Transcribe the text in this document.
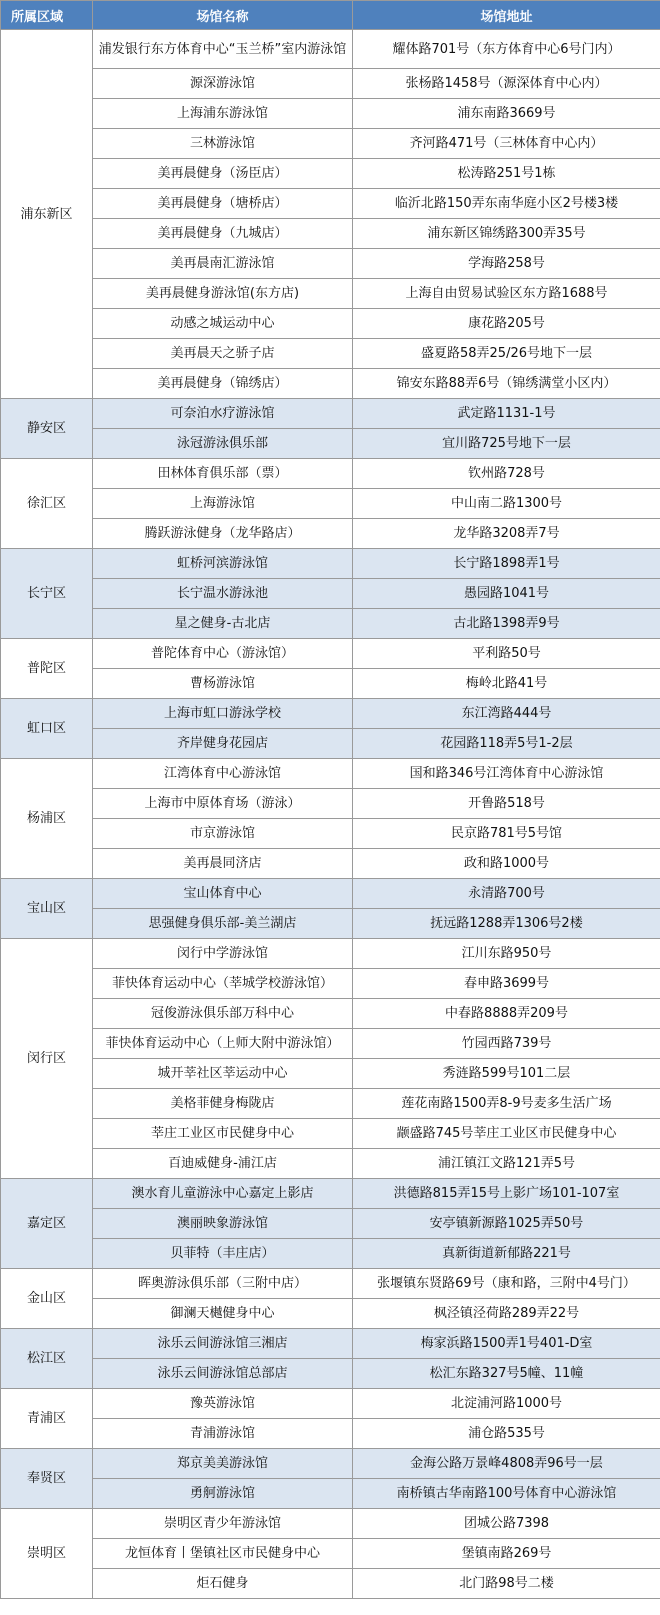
所属区域	场馆名称	场馆地址
浦东新区	浦发银行东方体育中心“玉兰桥”室内游泳馆	耀体路701号（东方体育中心6号门内）
	源深游泳馆	张杨路1458号（源深体育中心内）
	上海浦东游泳馆	浦东南路3669号
	三林游泳馆	齐河路471号（三林体育中心内）
	美再晨健身（汤臣店）	松涛路251号1栋
	美再晨健身（塘桥店）	临沂北路150弄东南华庭小区2号楼3楼
	美再晨健身（九城店）	浦东新区锦绣路300弄35号
	美再晨南汇游泳馆	学海路258号
	美再晨健身游泳馆(东方店)	上海自由贸易试验区东方路1688号
	动感之城运动中心	康花路205号
	美再晨天之骄子店	盛夏路58弄25/26号地下一层
	美再晨健身（锦绣店）	锦安东路88弄6号（锦绣满堂小区内）
静安区	可奈泊水疗游泳馆	武定路1131-1号
	泳冠游泳俱乐部	宜川路725号地下一层
徐汇区	田林体育俱乐部（票）	钦州路728号
	上海游泳馆	中山南二路1300号
	腾跃游泳健身（龙华路店）	龙华路3208弄7号
长宁区	虹桥河滨游泳馆	长宁路1898弄1号
	长宁温水游泳池	愚园路1041号
	星之健身-古北店	古北路1398弄9号
普陀区	普陀体育中心（游泳馆）	平利路50号
	曹杨游泳馆	梅岭北路41号
虹口区	上海市虹口游泳学校	东江湾路444号
	齐岸健身花园店	花园路118弄5号1-2层
杨浦区	江湾体育中心游泳馆	国和路346号江湾体育中心游泳馆
	上海市中原体育场（游泳）	开鲁路518号
	市京游泳馆	民京路781号5号馆
	美再晨同济店	政和路1000号
宝山区	宝山体育中心	永清路700号
	思强健身俱乐部-美兰湖店	抚远路1288弄1306号2楼
闵行区	闵行中学游泳馆	江川东路950号
	菲快体育运动中心（莘城学校游泳馆）	春申路3699号
	冠俊游泳俱乐部万科中心	中春路8888弄209号
	菲快体育运动中心（上师大附中游泳馆）	竹园西路739号
	城开莘社区莘运动中心	秀涟路599号101二层
	美格菲健身梅陇店	莲花南路1500弄8-9号麦多生活广场
	莘庄工业区市民健身中心	颛盛路745号莘庄工业区市民健身中心
	百迪威健身-浦江店	浦江镇江文路121弄5号
嘉定区	澳水育儿童游泳中心嘉定上影店	洪德路815弄15号上影广场101-107室
	澳丽映象游泳馆	安亭镇新源路1025弄50号
	贝菲特（丰庄店）	真新街道新郁路221号
金山区	晖奥游泳俱乐部（三附中店）	张堰镇东贤路69号（康和路，三附中4号门）
	御澜天樾健身中心	枫泾镇泾荷路289弄22号
松江区	泳乐云间游泳馆三湘店	梅家浜路1500弄1号401-D室
	泳乐云间游泳馆总部店	松汇东路327号5幢、11幢
青浦区	豫英游泳馆	北淀浦河路1000号
	青浦游泳馆	浦仓路535号
奉贤区	郑京美美游泳馆	金海公路万景峰4808弄96号一层
	勇舸游泳馆	南桥镇古华南路100号体育中心游泳馆
崇明区	崇明区青少年游泳馆	团城公路7398
	龙恒体育丨堡镇社区市民健身中心	堡镇南路269号
	炬石健身	北门路98号二楼
